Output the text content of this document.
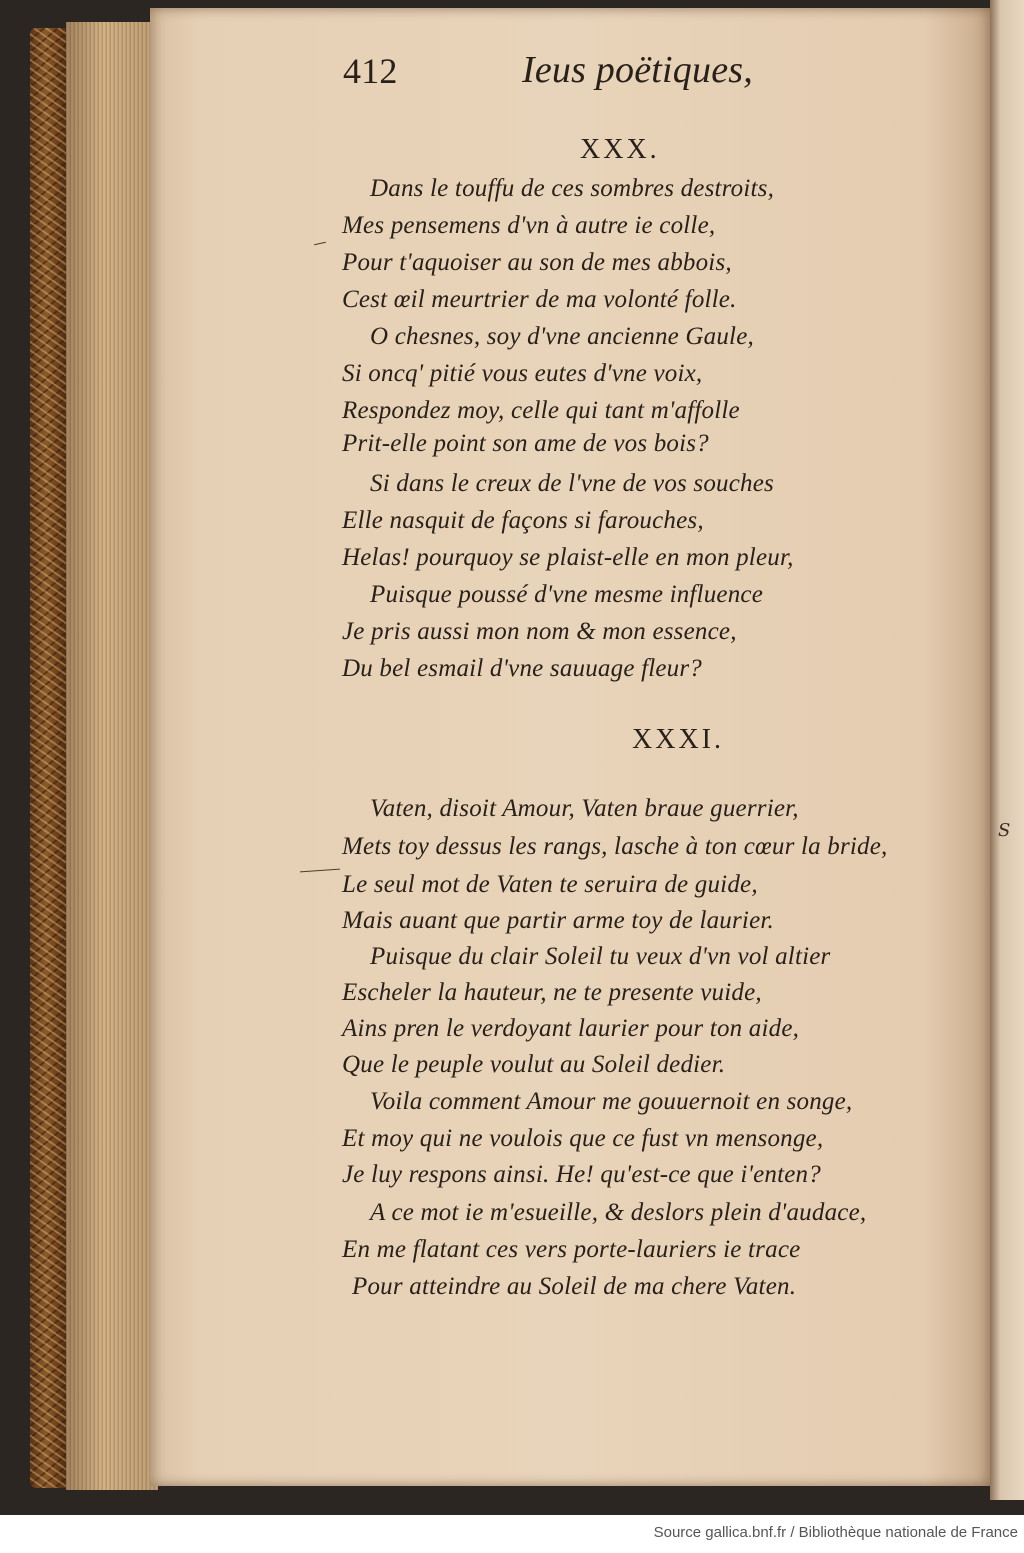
S
412	Ieus poëtiques,
XXX.
Dans le touffu de ces sombres destroits,
Mes pensemens d'vn à autre ie colle,
Pour t'aquoiser au son de mes abbois,
Cest œil meurtrier de ma volonté folle.
O chesnes, soy d'vne ancienne Gaule,
Si oncq' pitié vous eutes d'vne voix,
Respondez moy, celle qui tant m'affolle
Prit-elle point son ame de vos bois?
Si dans le creux de l'vne de vos souches
Elle nasquit de façons si farouches,
Helas! pourquoy se plaist-elle en mon pleur,
Puisque poussé d'vne mesme influence
Je pris aussi mon nom & mon essence,
Du bel esmail d'vne sauuage fleur?
XXXI.
Vaten, disoit Amour, Vaten braue guerrier,
Mets toy dessus les rangs, lasche à ton cœur la bride,
Le seul mot de Vaten te seruira de guide,
Mais auant que partir arme toy de laurier.
Puisque du clair Soleil tu veux d'vn vol altier
Escheler la hauteur, ne te presente vuide,
Ains pren le verdoyant laurier pour ton aide,
Que le peuple voulut au Soleil dedier.
Voila comment Amour me gouuernoit en songe,
Et moy qui ne voulois que ce fust vn mensonge,
Je luy respons ainsi. He! qu'est-ce que i'enten?
A ce mot ie m'esueille, & deslors plein d'audace,
En me flatant ces vers porte-lauriers ie trace
Pour atteindre au Soleil de ma chere Vaten.
Source gallica.bnf.fr / Bibliothèque nationale de France
